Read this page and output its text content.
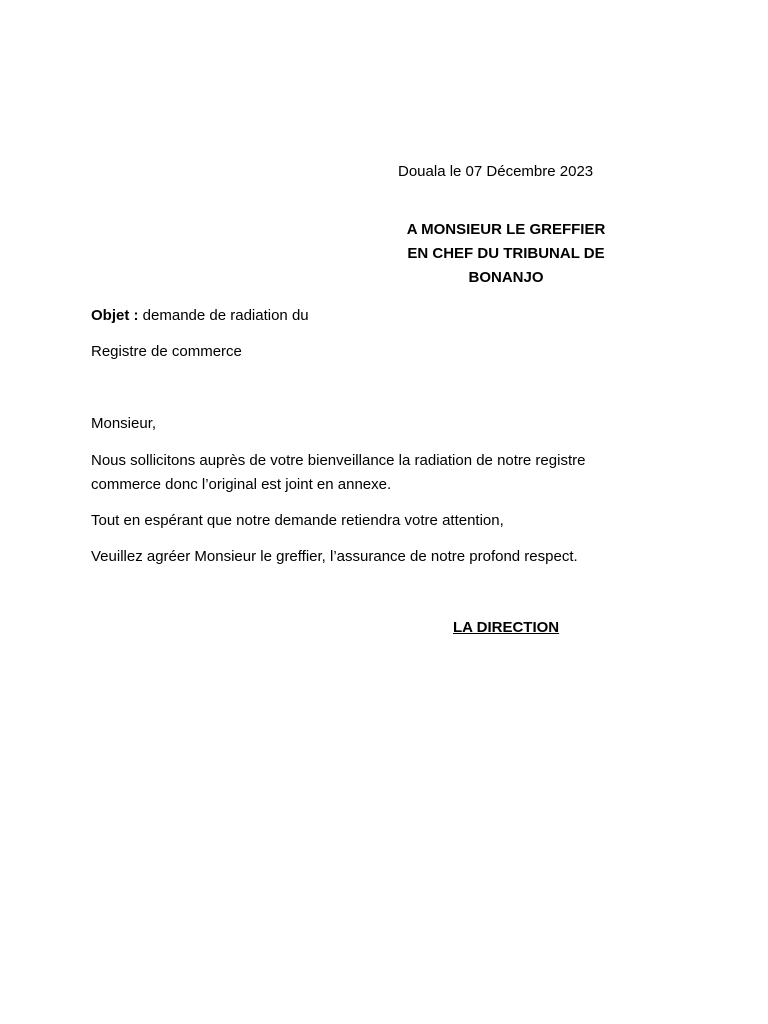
Douala le 07 Décembre 2023
A MONSIEUR LE GREFFIER
EN CHEF DU TRIBUNAL DE
BONANJO
Objet : demande de radiation du
Registre de commerce
Monsieur,
Nous sollicitons auprès de votre bienveillance la radiation de notre registre
commerce donc l’original est joint en annexe.
Tout en espérant que notre demande retiendra votre attention,
Veuillez agréer Monsieur le greffier, l’assurance de notre profond respect.
LA DIRECTION
